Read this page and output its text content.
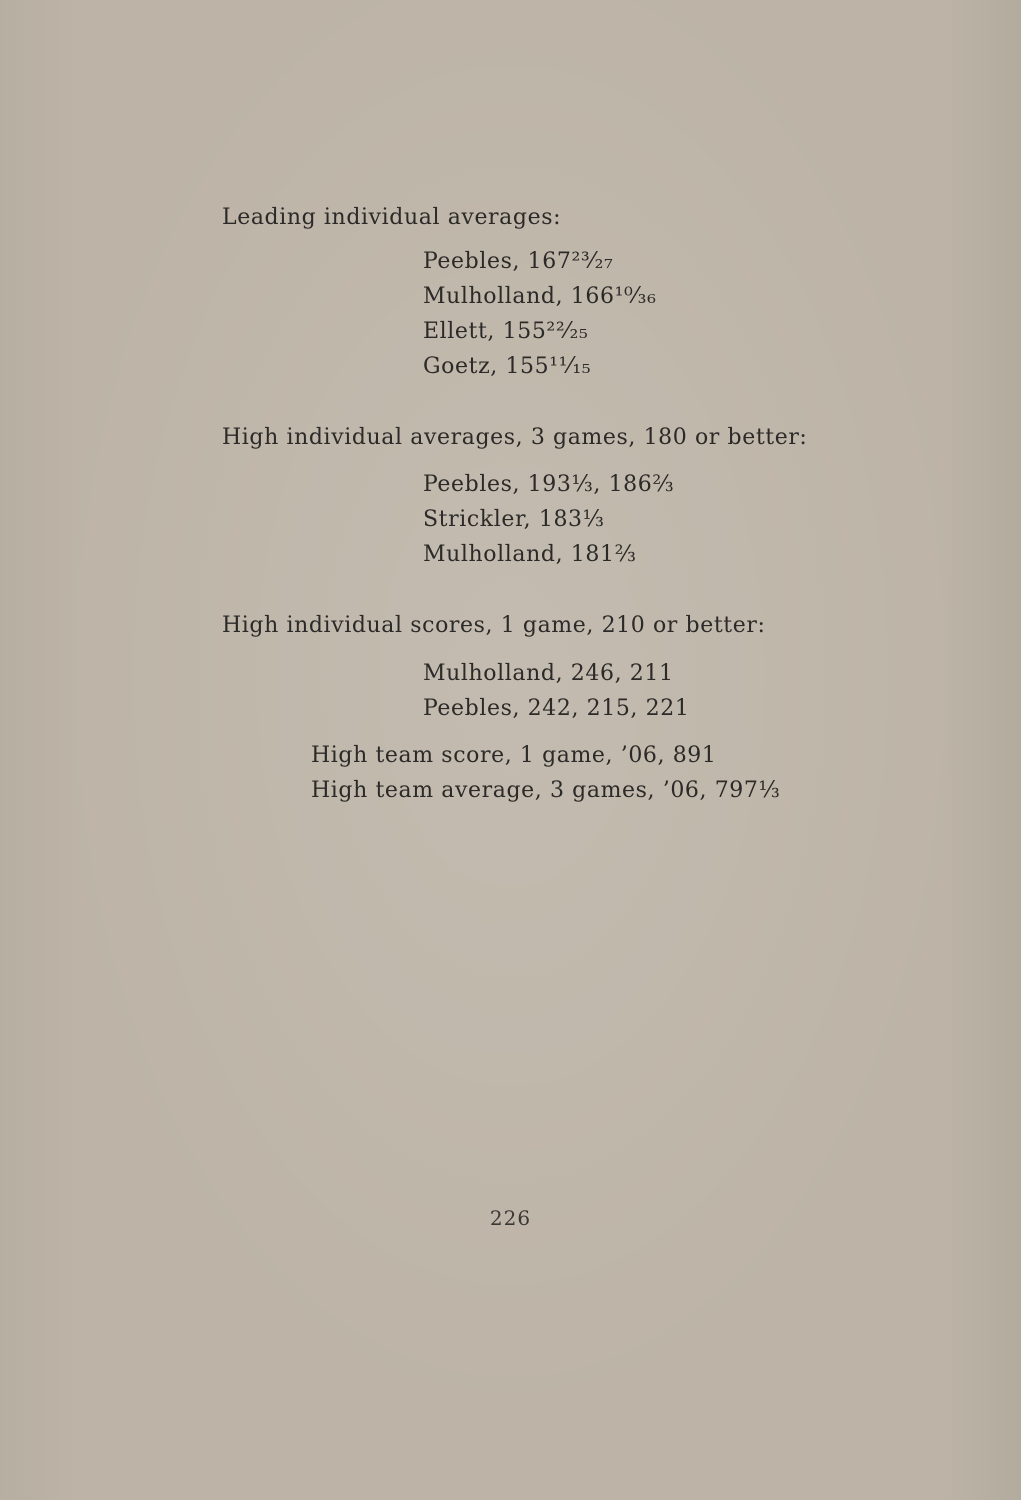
Leading individual averages:
Peebles, 167²³⁄₂₇
Mulholland, 166¹⁰⁄₃₆
Ellett, 155²²⁄₂₅
Goetz, 155¹¹⁄₁₅
High individual averages, 3 games, 180 or better:
Peebles, 193⅓, 186⅔
Strickler, 183⅓
Mulholland, 181⅔
High individual scores, 1 game, 210 or better:
Mulholland, 246, 211
Peebles, 242, 215, 221
High team score, 1 game, ’06, 891
High team average, 3 games, ’06, 797⅓
226
